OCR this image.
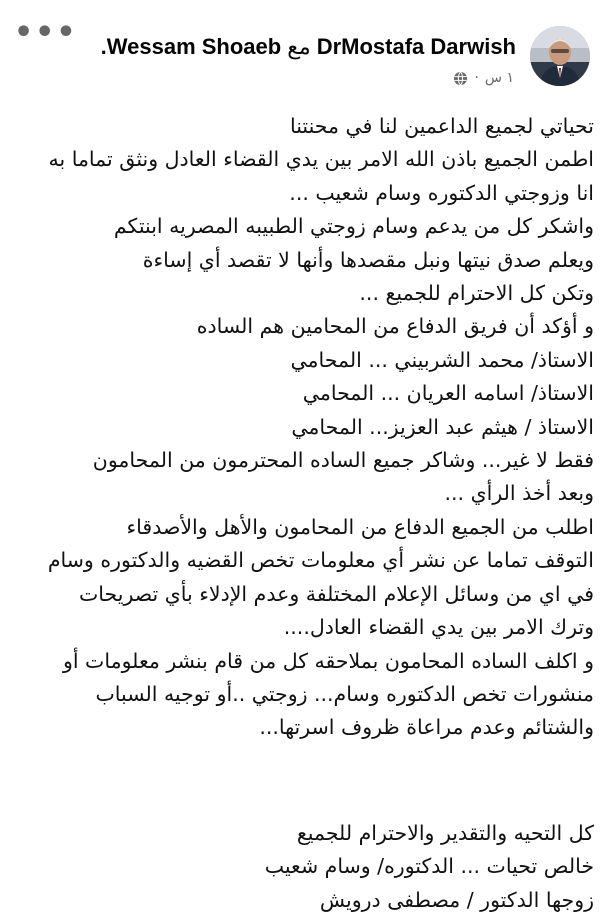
•••	DrMostafa DarwishمعWessam Shoaeb.
١ س·

تحياتي لجميع الداعمين لنا في محنتنا

اطمن الجميع باذن الله الامر بين يدي القضاء العادل ونثق تماما به

انا وزوجتي الدكتوره وسام شعيب ...

واشكر كل من يدعم وسام زوجتي الطبيبه المصريه ابنتكم

ويعلم صدق نيتها ونبل مقصدها وأنها لا تقصد أي إساءة

وتكن كل الاحترام للجميع ...

و أؤكد أن فريق الدفاع من المحامين هم الساده

الاستاذ/ محمد الشربيني ... المحامي

الاستاذ/ اسامه العريان ... المحامي

الاستاذ / هيثم عبد العزيز... المحامي

فقط لا غير... وشاكر جميع الساده المحترمون من المحامون

وبعد أخذ الرأي ...

اطلب من الجميع الدفاع من المحامون والأهل والأصدقاء

التوقف تماما عن نشر أي معلومات تخص القضيه والدكتوره وسام

في اي من وسائل الإعلام المختلفة وعدم الإدلاء بأي تصريحات

وترك الامر بين يدي القضاء العادل....

و اكلف الساده المحامون بملاحقه كل من قام بنشر معلومات أو

منشورات تخص الدكتوره وسام... زوجتي ..أو توجيه السباب

والشتائم وعدم مراعاة ظروف اسرتها...

كل التحيه والتقدير والاحترام للجميع

خالص تحيات ... الدكتوره/ وسام شعيب

زوجها الدكتور / مصطفى درويش
